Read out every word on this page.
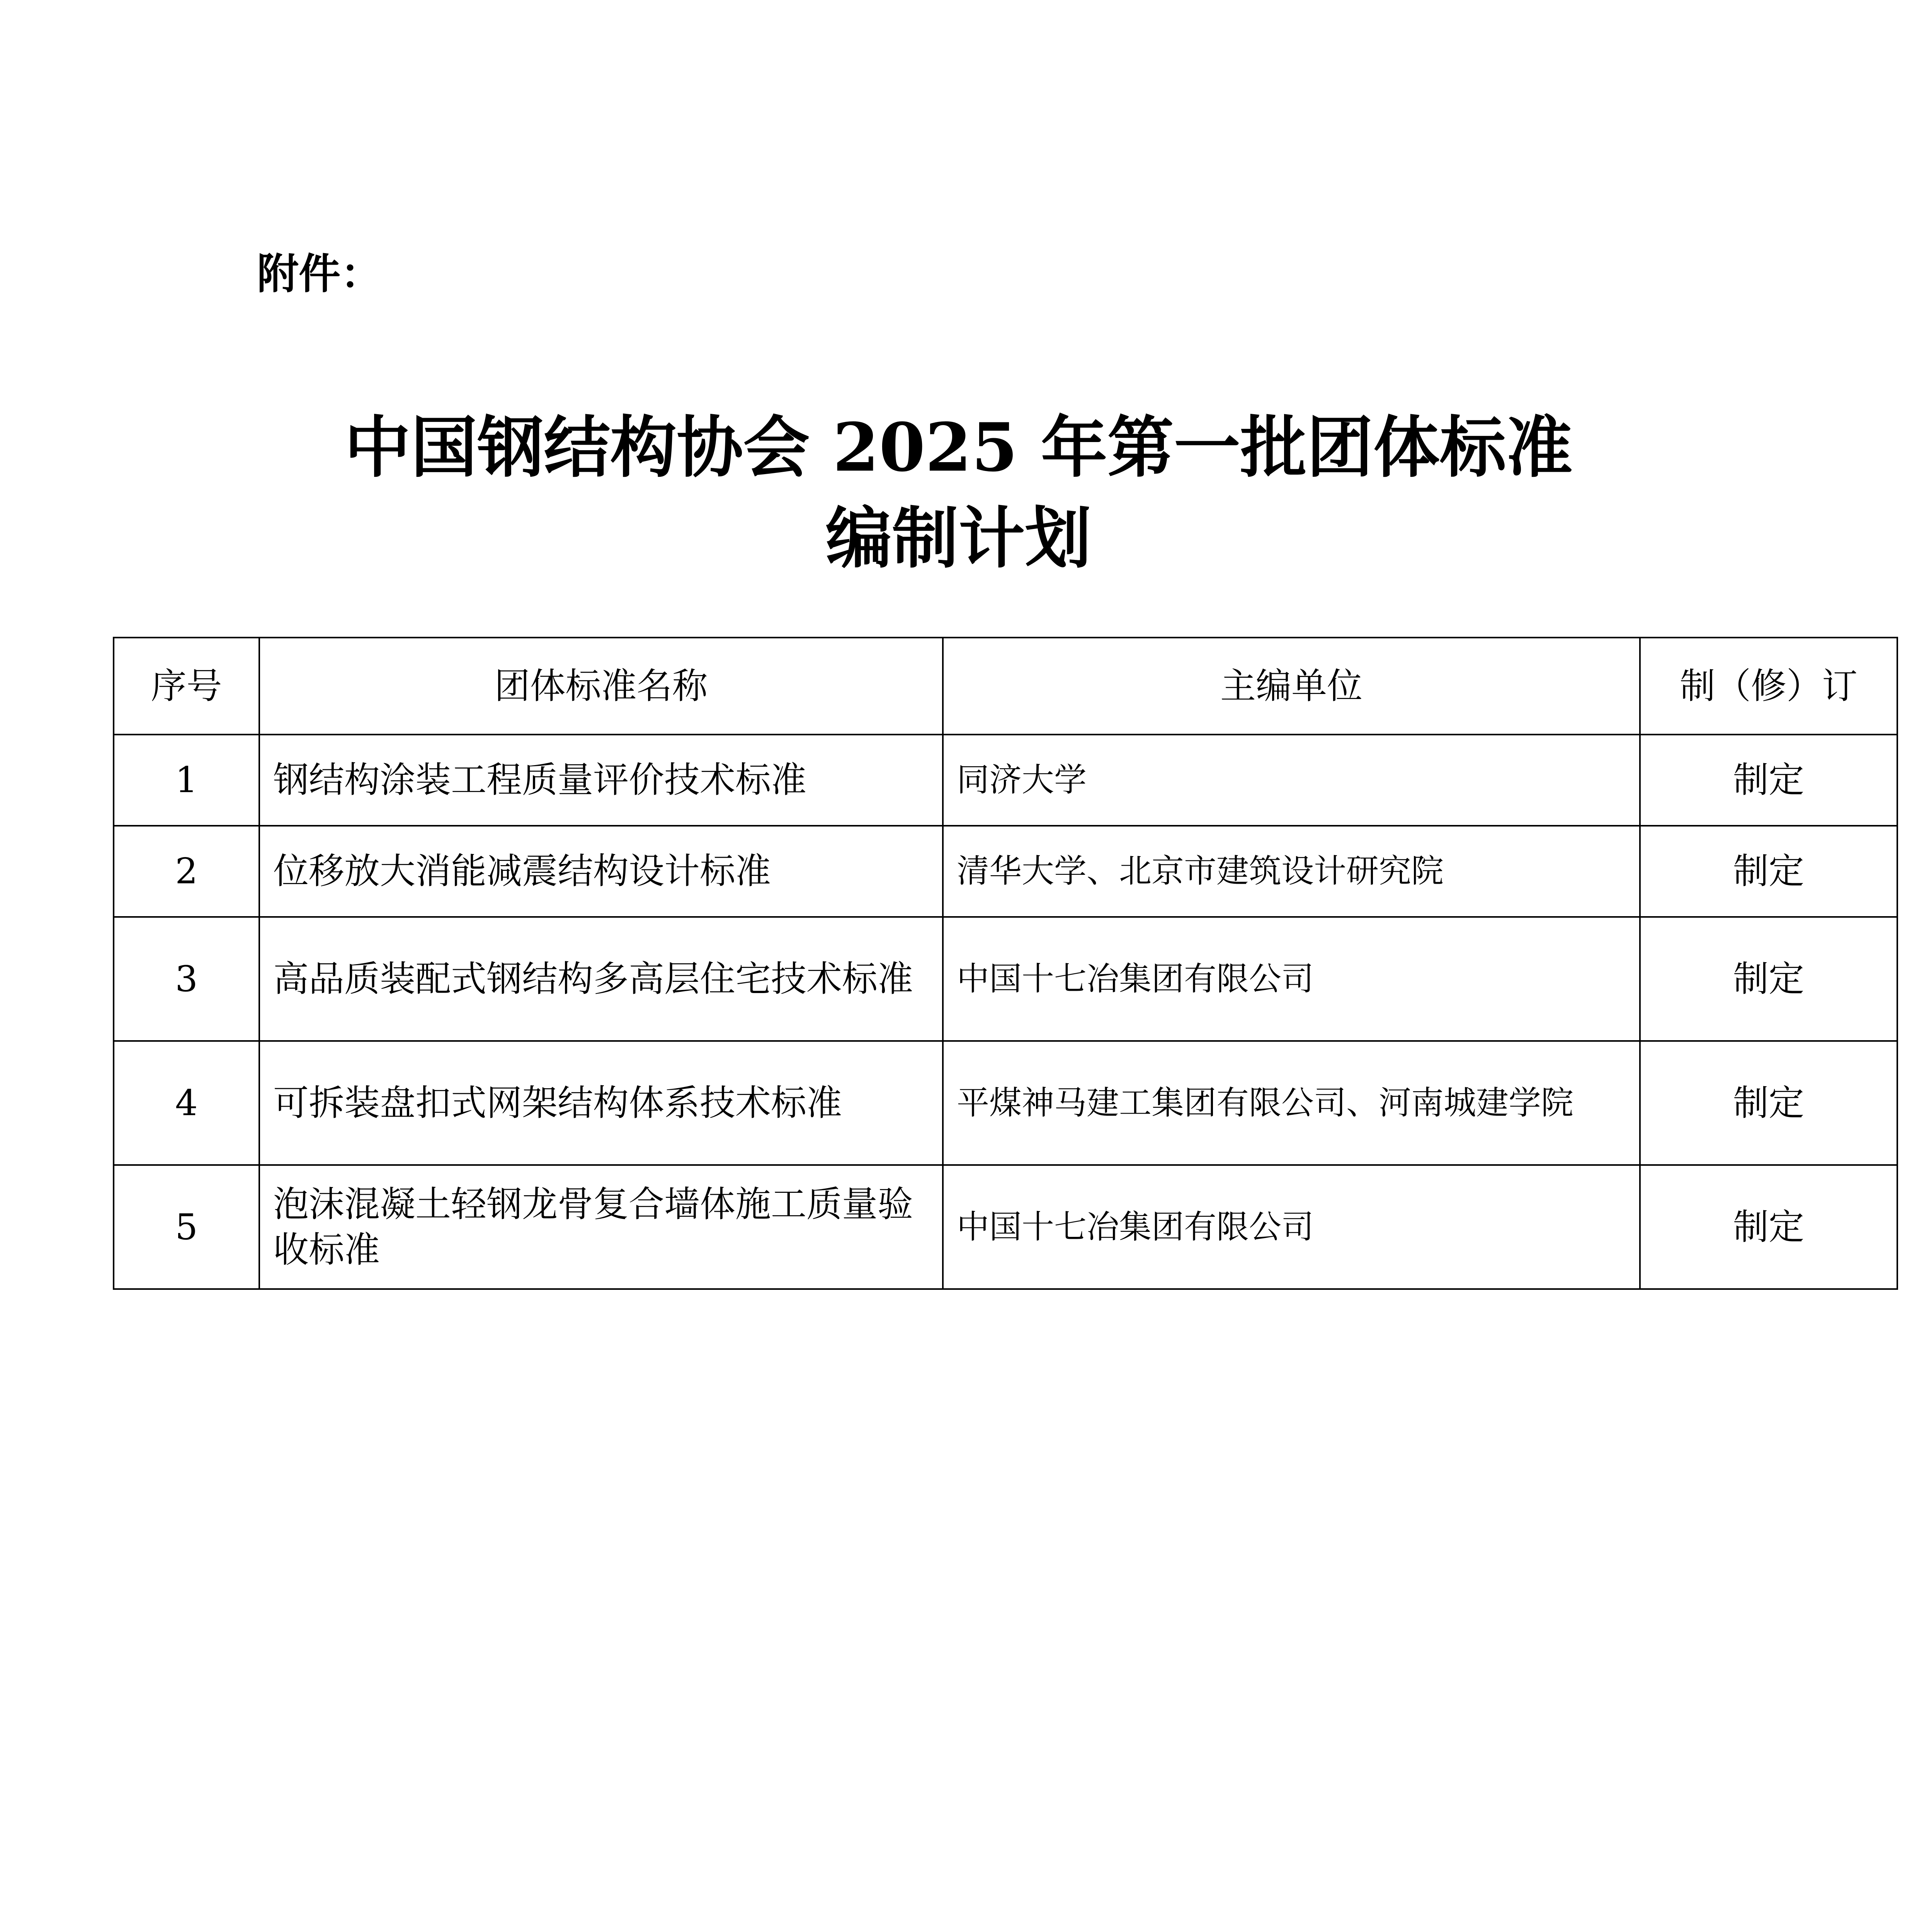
附件：
中国钢结构协会 2025 年第一批团体标准
编制计划
序号	团体标准名称	主编单位	制（修）订
1	钢结构涂装工程质量评价技术标准	同济大学	制定
2	位移放大消能减震结构设计标准	清华大学、北京市建筑设计研究院	制定
3	高品质装配式钢结构多高层住宅技术标准	中国十七冶集团有限公司	制定
4	可拆装盘扣式网架结构体系技术标准	平煤神马建工集团有限公司、河南城建学院	制定
5	泡沫混凝土轻钢龙骨复合墙体施工质量验收标准	中国十七冶集团有限公司	制定
